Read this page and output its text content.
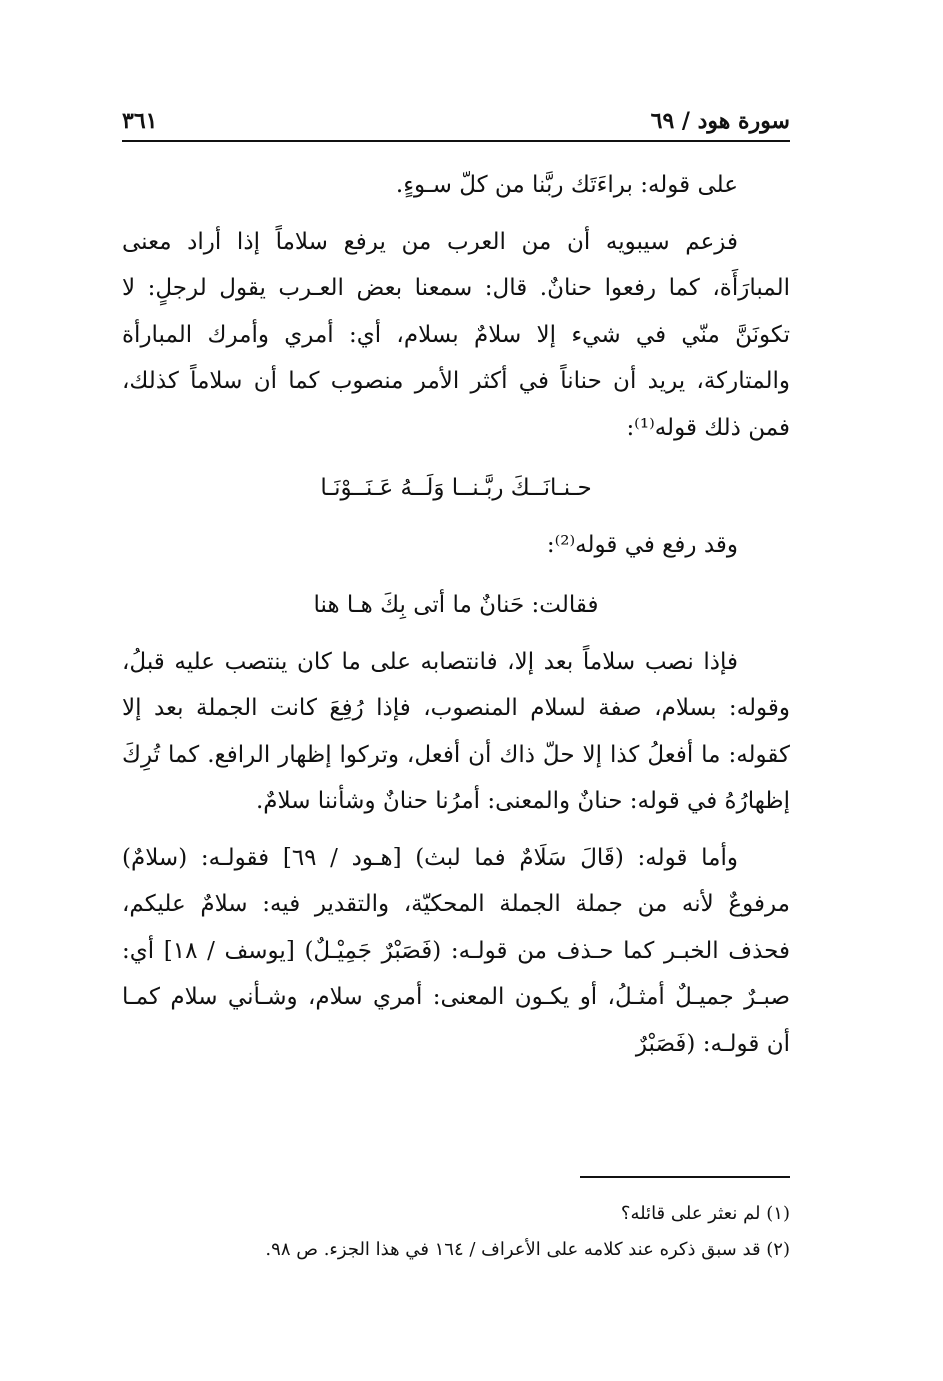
سورة هود / ٦٩
٣٦١

على قوله: براءَتَك ربَّنا من كلّ سـوءٍ.

فزعم سيبويه أن من العرب من يرفع سلاماً إذا أراد معنى المبارَأَة، كما رفعوا حنانٌ. قال: سمعنا بعض العـرب يقول لرجلٍ: لا تكونَنَّ منّي في شيء إلا سلامٌ بسلام، أي: أمري وأمرك المبارأة والمتاركة، يريد أن حناناً في أكثر الأمر منصوب كما أن سلاماً كذلك، فمن ذلك قوله⁽¹⁾:

حـنـانَــكَ ربَّـنــا وَلَــهُ عَـنَــوْنَـا

وقد رفع في قوله⁽²⁾:

فقالت: حَنانٌ ما أتى بِكَ هـا هنا

فإذا نصب سلاماً بعد إلا، فانتصابه على ما كان ينتصب عليه قبلُ، وقوله: بسلام، صفة لسلام المنصوب، فإذا رُفِعَ كانت الجملة بعد إلا كقوله: ما أفعلُ كذا إلا حلّ ذاك أن أفعل، وتركوا إظهار الرافع. كما تُرِكَ إظهارُهُ في قوله: حنانٌ والمعنى: أمرُنا حنانٌ وشأننا سلامٌ.

وأما قوله: (قَالَ سَلَامٌ فما لبث) [هـود / ٦٩] فقولـه: (سلامٌ) مرفوعٌ لأنه من جملة الجملة المحكيّة، والتقدير فيه: سلامٌ عليكم، فحذف الخبـر كما حـذف من قولـه: (فَصَبْرٌ جَمِيْـلٌ) [يوسف / ١٨] أي: صبـرٌ جميـلٌ أمثـلُ، أو يكـون المعنى: أمري سلام، وشـأني سلام كمـا أن قولـه: (فَصَبْرٌ

(١) لم نعثر على قائله؟

(٢) قد سبق ذكره عند كلامه على الأعراف / ١٦٤ في هذا الجزء. ص ٩٨.
